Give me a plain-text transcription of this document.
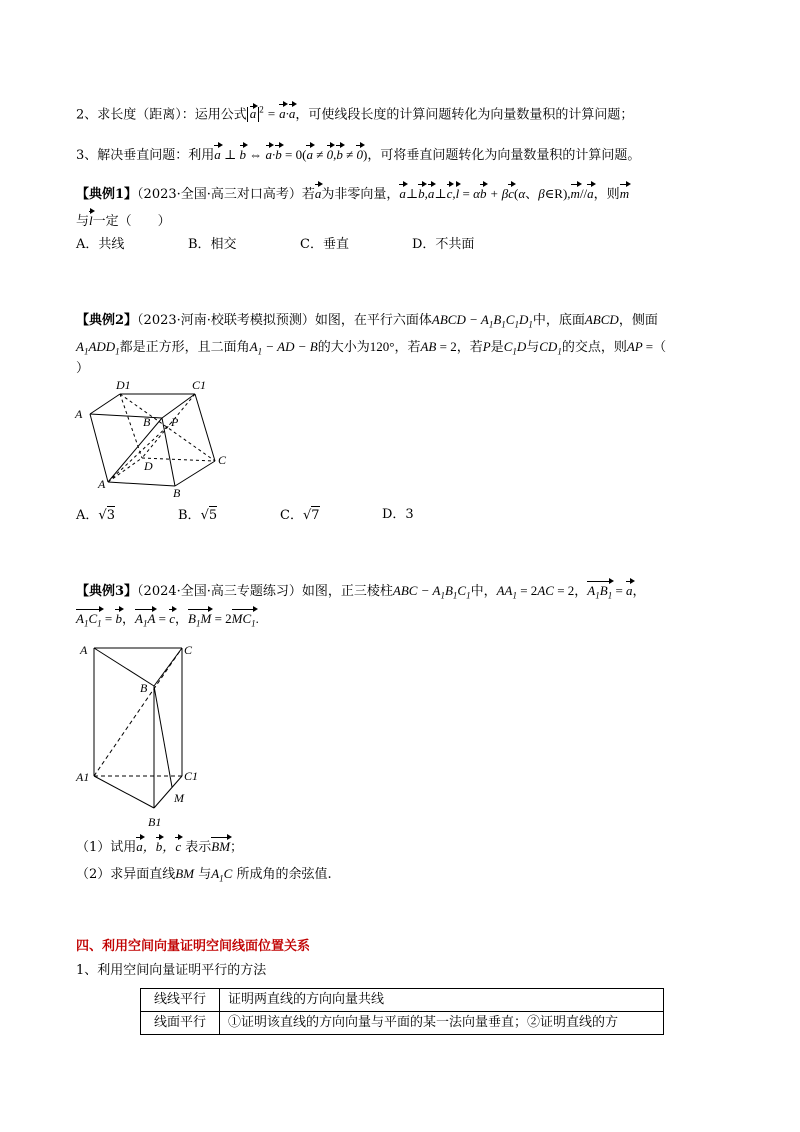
2、求长度（距离）：运用公式 a $^2$ = a·a，可使线段长度的计算问题转化为向量数量积的计算问题；
3、解决垂直问题：利用a ⊥ b ⇔ a·b = 0(a ≠ 0,b ≠ 0)，可将垂直问题转化为向量数量积的计算问题。
【典例1】（2023·全国·高三对口高考）若a为非零向量，a⊥b,a⊥c,l = αb + βc(α、β∈R),m//a，则m
与l一定（　　）
A．共线	B．相交	C．垂直	D．不共面
【典例2】（2023·河南·校联考模拟预测）如图，在平行六面体ABCD − $A_1B_1C_1D_1$中，底面ABCD，侧面
$A_1ADD_1$都是正方形，且二面角$A_1$ − AD − B的大小为120°，若AB = 2，若P是$C_1D$与$CD_1$的交点，则AP =（
）
D1	C1
A
B P
D	C
A
B
A．√3	B．√5	C．√7	D．3
【典例3】（2024·全国·高三专题练习）如图，正三棱柱ABC − $A_1B_1C_1$中，$AA_1 = 2AC = 2$，$A_1B_1 = a$，
$A_1C_1 = b$，$A_1A = c$，$B_1M = 2MC_1$.
A	C
B
A1	C1
M
B1
（1）试用a，b，c 表示BM；
（2）求异面直线BM 与$A_1C$ 所成角的余弦值.
四、利用空间向量证明空间线面位置关系
1、利用空间向量证明平行的方法
线线平行	证明两直线的方向向量共线
线面平行	①证明该直线的方向向量与平面的某一法向量垂直；②证明直线的方
